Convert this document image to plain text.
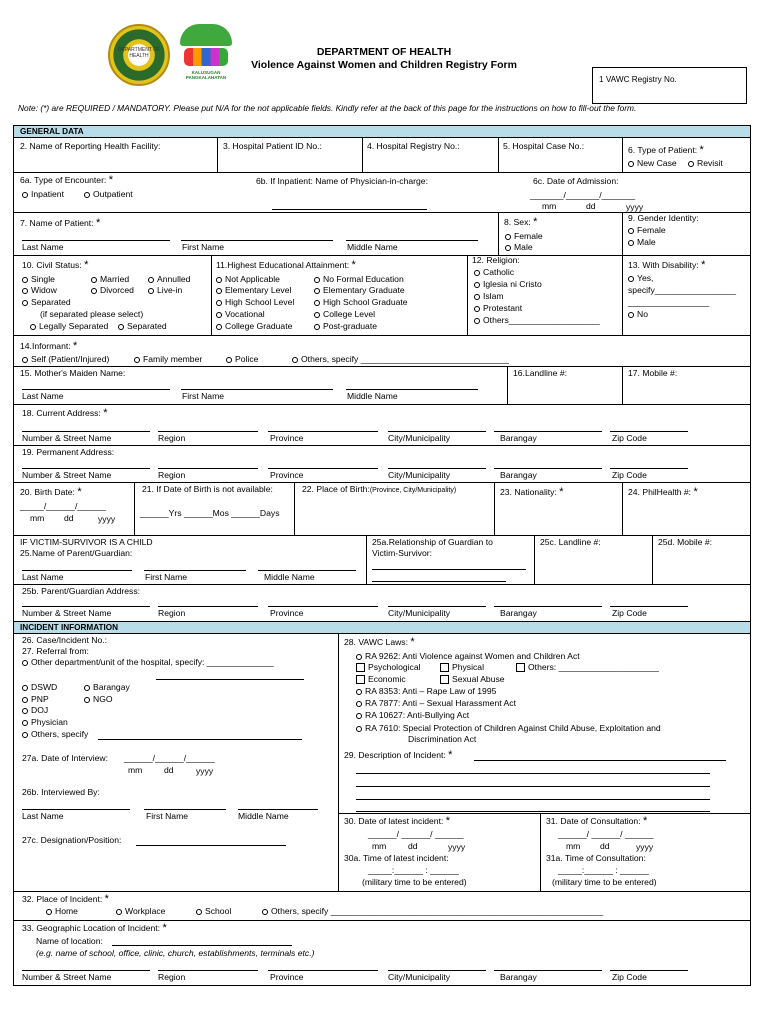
DEPARTMENT OF HEALTH
KALUSUGAN PANGKALAHATAN
DEPARTMENT OF HEALTH
Violence Against Women and Children Registry Form
1 VAWC Registry No.
Note: (*) are REQUIRED / MANDATORY. Please put N/A for the not applicable fields. Kindly refer at the back of this page for the instructions on how to fill-out the form.
GENERAL DATA
2. Name of Reporting Health Facility:	3. Hospital Patient ID No.:	4. Hospital Registry No.:	5. Hospital Case No.:	6. Type of Patient: *
New Case	Revisit
6a. Type of Encounter: *
Inpatient	Outpatient
6b. If Inpatient: Name of Physician-in-charge:	6c. Date of Admission:
_______/_______/_______
mm	dd	yyyy
7. Name of Patient: *
Last Name	First Name	Middle Name
8. Sex: *
Female
Male
9. Gender Identity:
Female
Male
10. Civil Status: *
Single	Married	Annulled
Widow	Divorced	Live-in
Separated
(if separated please select)
Legally Separated	Separated
11.Highest Educational Attainment: *
Not Applicable	No Formal Education
Elementary Level	Elementary Graduate
High School Level	High School Graduate
Vocational	College Level
College Graduate	Post-graduate
12. Religion:
Catholic
Iglesia ni Cristo
Islam
Protestant
Others___________________
13. With Disability: *
Yes,
specify_________________
_________________
No
14.Informant: *
Self (Patient/Injured)	Family member	Police	Others, specify _______________________________
15. Mother's Maiden Name:
Last Name	First Name	Middle Name
16.Landline #:	17. Mobile #:
18. Current Address: *
Number & Street Name	Region	Province	City/Municipality	Barangay	Zip Code
19. Permanent Address:
Number & Street Name	Region	Province	City/Municipality	Barangay	Zip Code
20. Birth Date: *
_____/______/______
mm dd	yyyy
21. If Date of Birth is not available:
______Yrs ______Mos ______Days
22. Place of Birth:(Province, City/Municipality)	23. Nationality: *	24. PhilHealth #: *
IF VICTIM-SURVIVOR IS A CHILD
25.Name of Parent/Guardian:
Last Name	First Name	Middle Name
25a.Relationship of Guardian to
Victim-Survivor:
25c. Landline #:	25d. Mobile #:
25b. Parent/Guardian Address:
Number & Street Name	Region	Province	City/Municipality	Barangay	Zip Code
INCIDENT INFORMATION
26. Case/Incident No.:
27. Referral from:
Other department/unit of the hospital, specify: ______________
DSWD	Barangay
PNP	NGO
DOJ
Physician
Others, specify
27a. Date of Interview: ______/______/______
mm	dd	yyyy
26b. Interviewed By:
Last Name	First Name	Middle Name
27c. Designation/Position:
28. VAWC Laws: *
RA 9262: Anti Violence against Women and Children Act
Psychological	Physical	Others: _____________________
Economic	Sexual Abuse
RA 8353: Anti – Rape Law of 1995
RA 7877: Anti – Sexual Harassment Act
RA 10627: Anti-Bullying Act
RA 7610: Special Protection of Children Against Child Abuse, Exploitation and
Discrimination Act
29. Description of Incident: *
30. Date of latest incident: *
______/ ______/ ______
mm	dd	yyyy
30a. Time of latest incident:
_____:______ : ______
(military time to be entered)
31. Date of Consultation: *
______/ ______/ ______
mm dd	yyyy
31a. Time of Consultation:
_____:______ : ______
(military time to be entered)
32. Place of Incident: *
Home	Workplace	School	Others, specify _________________________________________________________
33. Geographic Location of Incident: *
Name of location:
(e.g. name of school, office, clinic, church, establishments, terminals etc.)
Number & Street Name	Region	Province	City/Municipality	Barangay	Zip Code
